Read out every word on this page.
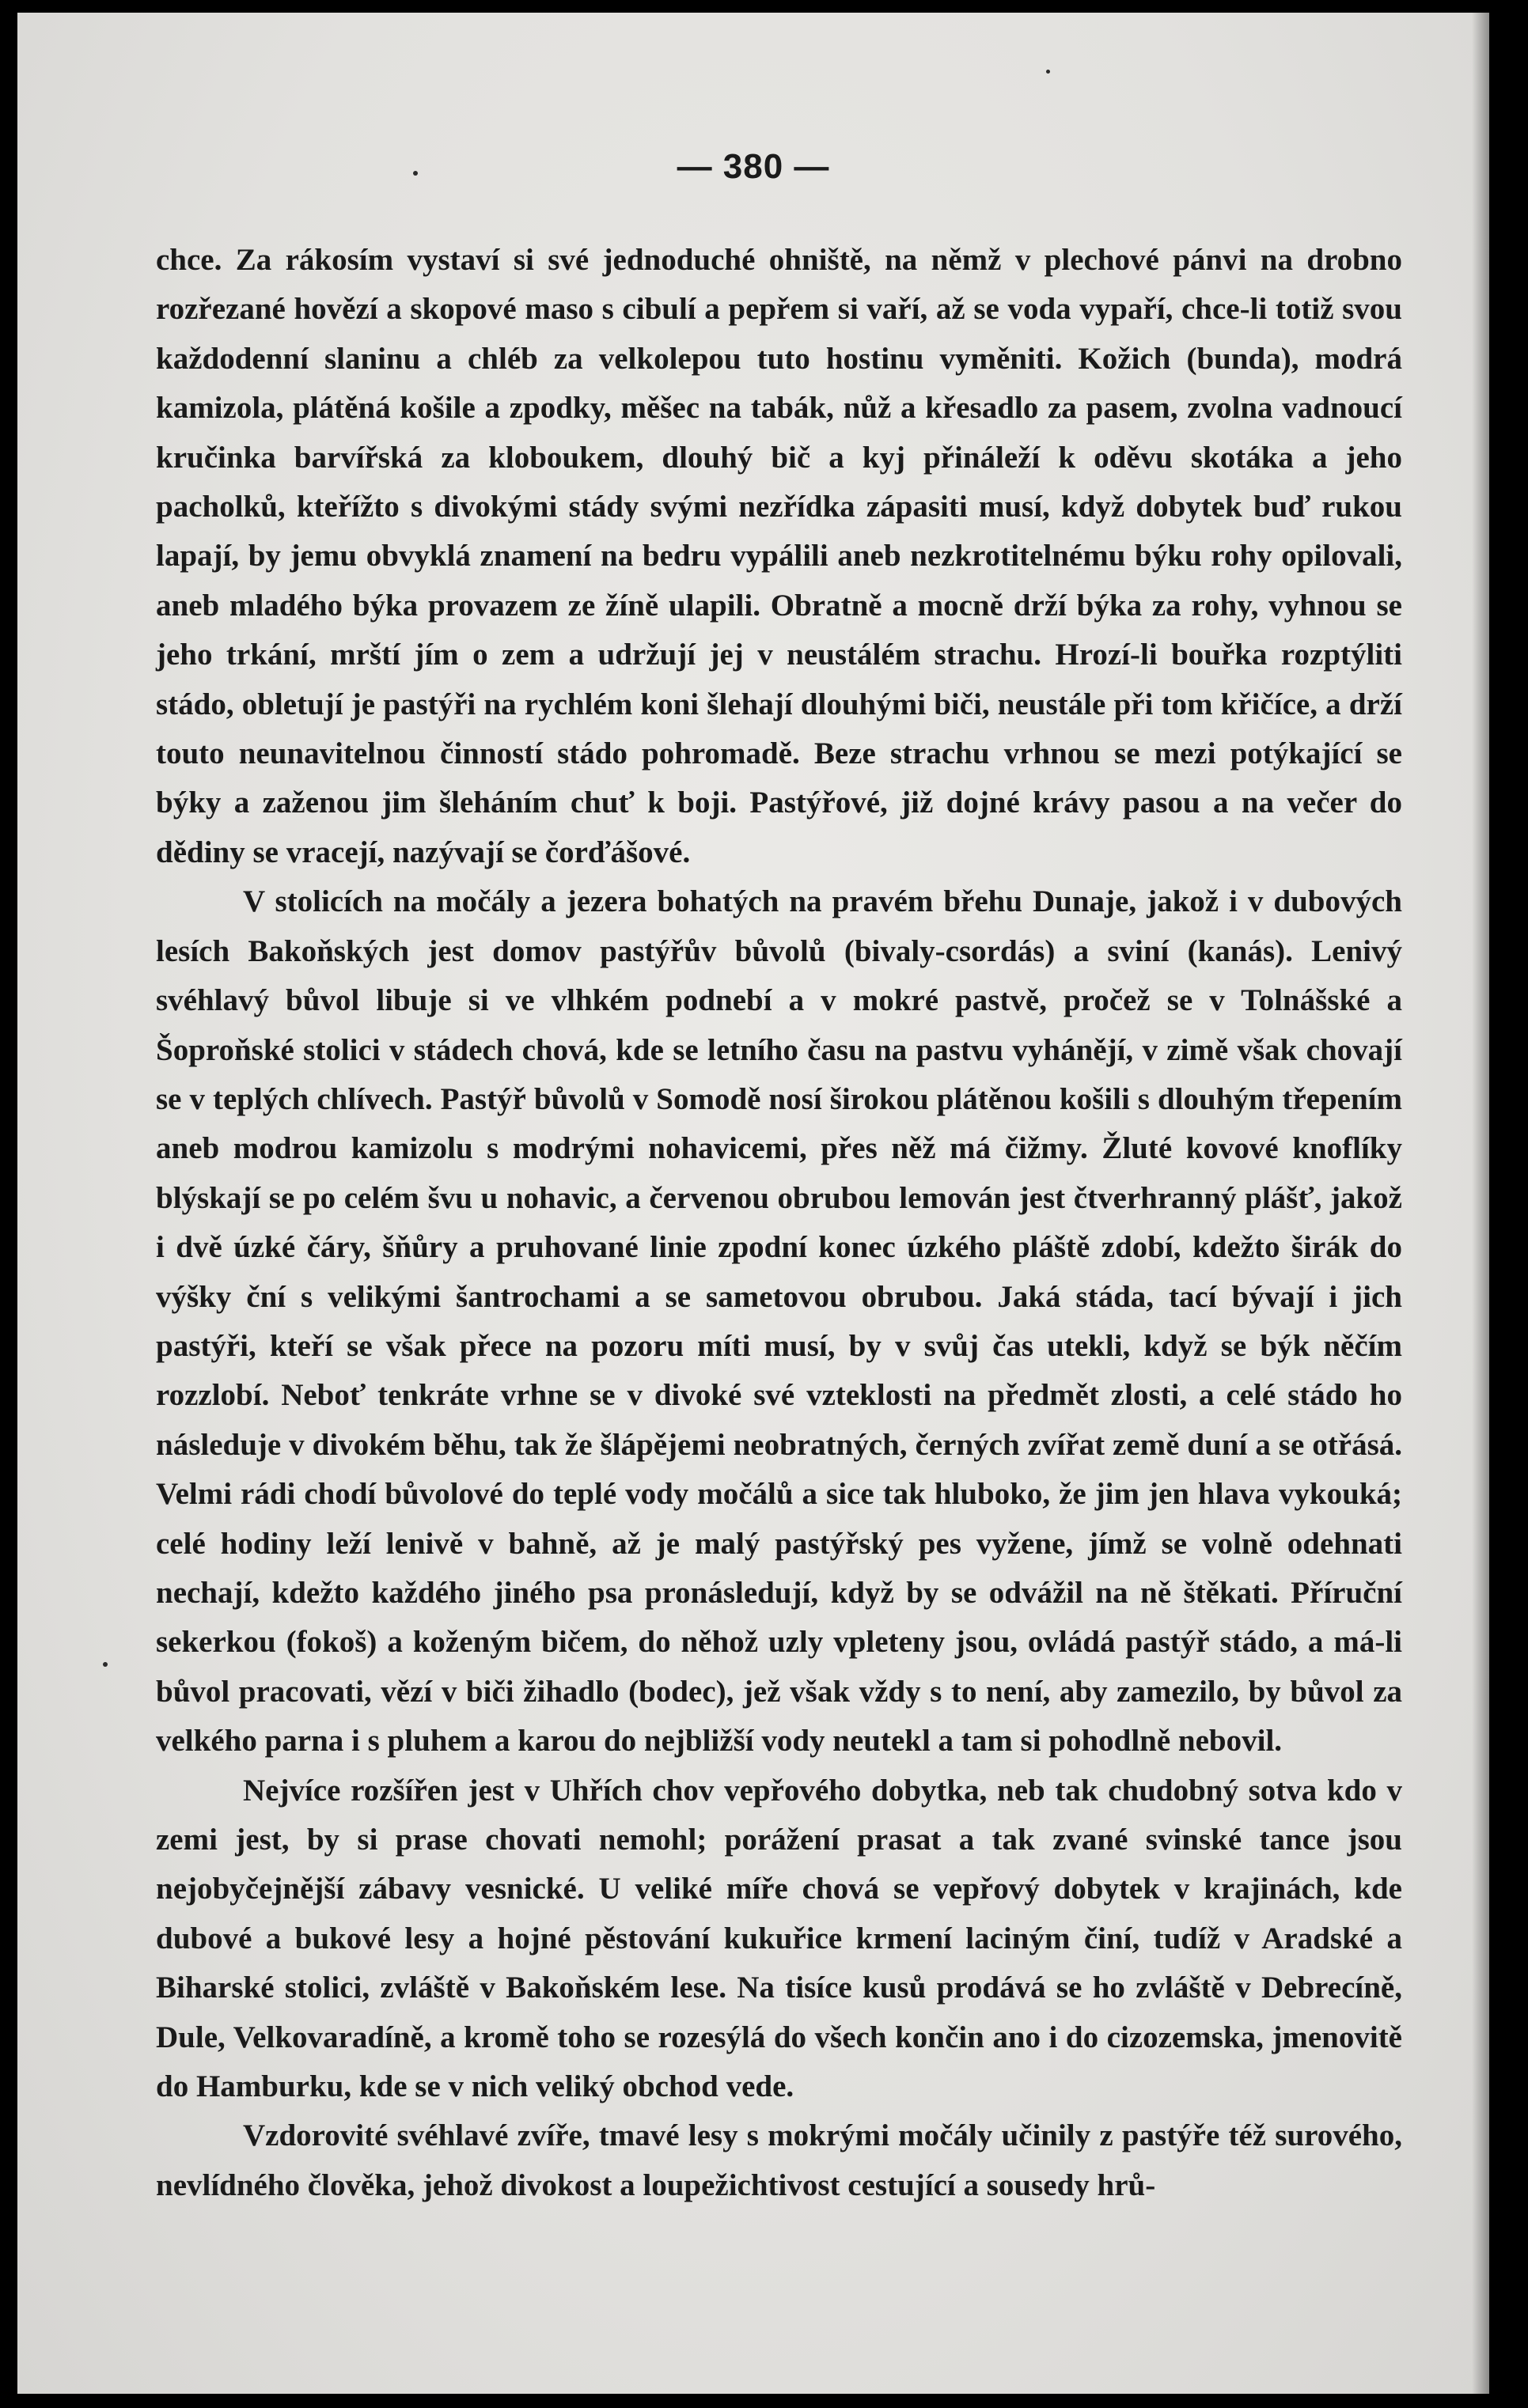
— 380 —

chce. Za rákosím vystaví si své jednoduché ohniště, na němž v plechové pánvi na drobno rozřezané hovězí a skopové maso s cibulí a pepřem si vaří, až se voda vypaří, chce-li totiž svou každodenní slaninu a chléb za velkolepou tuto hostinu vyměniti. Kožich (bunda), modrá kamizola, plátěná košile a zpodky, měšec na tabák, nůž a křesadlo za pasem, zvolna vadnoucí kručinka barvířská za kloboukem, dlouhý bič a kyj přináleží k oděvu skotáka a jeho pacholků, kteřížto s divokými stády svými nezřídka zápasiti musí, když dobytek buď rukou lapají, by jemu obvyklá znamení na bedru vypálili aneb nezkrotitelnému býku rohy opilovali, aneb mladého býka provazem ze žíně ulapili. Obratně a mocně drží býka za rohy, vyhnou se jeho trkání, mrští jím o zem a udržují jej v neustálém strachu. Hrozí-li bouřka rozptýliti stádo, obletují je pastýři na rychlém koni šlehají dlouhými biči, neustále při tom křičíce, a drží touto neunavitelnou činností stádo pohromadě. Beze strachu vrhnou se mezi potýkající se býky a zaženou jim šleháním chuť k boji. Pastýřové, již dojné krávy pasou a na večer do dědiny se vracejí, nazývají se čorďášové.

V stolicích na močály a jezera bohatých na pravém břehu Dunaje, jakož i v dubových lesích Bakoňských jest domov pastýřův bůvolů (bivaly-csordás) a sviní (kanás). Lenivý svéhlavý bůvol libuje si ve vlhkém podnebí a v mokré pastvě, pročež se v Tolnášské a Šoproňské stolici v stádech chová, kde se letního času na pastvu vyhánějí, v zimě však chovají se v teplých chlívech. Pastýř bůvolů v Somodě nosí širokou plátěnou košili s dlouhým třepením aneb modrou kamizolu s modrými nohavicemi, přes něž má čižmy. Žluté kovové knoflíky blýskají se po celém švu u nohavic, a červenou obrubou lemován jest čtverhranný plášť, jakož i dvě úzké čáry, šňůry a pruhované linie zpodní konec úzkého pláště zdobí, kdežto širák do výšky ční s velikými šantrochami a se sametovou obrubou. Jaká stáda, tací bývají i jich pastýři, kteří se však přece na pozoru míti musí, by v svůj čas utekli, když se býk něčím rozzlobí. Neboť tenkráte vrhne se v divoké své vzteklosti na předmět zlosti, a celé stádo ho následuje v divokém běhu, tak že šlápějemi neobratných, černých zvířat země duní a se otřásá. Velmi rádi chodí bůvolové do teplé vody močálů a sice tak hluboko, že jim jen hlava vykouká; celé hodiny leží lenivě v bahně, až je malý pastýřský pes vyžene, jímž se volně odehnati nechají, kdežto každého jiného psa pronásledují, když by se odvážil na ně štěkati. Příruční sekerkou (fokoš) a koženým bičem, do něhož uzly vpleteny jsou, ovládá pastýř stádo, a má-li bůvol pracovati, vězí v biči žihadlo (bodec), jež však vždy s to není, aby zamezilo, by bůvol za velkého parna i s pluhem a karou do nejbližší vody neutekl a tam si pohodlně nebovil.

Nejvíce rozšířen jest v Uhřích chov vepřového dobytka, neb tak chudobný sotva kdo v zemi jest, by si prase chovati nemohl; porážení prasat a tak zvané svinské tance jsou nejobyčejnější zábavy vesnické. U veliké míře chová se vepřový dobytek v krajinách, kde dubové a bukové lesy a hojné pěstování kukuřice krmení laciným činí, tudíž v Aradské a Biharské stolici, zvláště v Bakoňském lese. Na tisíce kusů prodává se ho zvláště v Debrecíně, Dule, Velkovaradíně, a kromě toho se rozesýlá do všech končin ano i do cizozemska, jmenovitě do Hamburku, kde se v nich veliký obchod vede.

Vzdorovité svéhlavé zvíře, tmavé lesy s mokrými močály učinily z pastýře též surového, nevlídného člověka, jehož divokost a loupežichtivost cestující a sousedy hrů-
